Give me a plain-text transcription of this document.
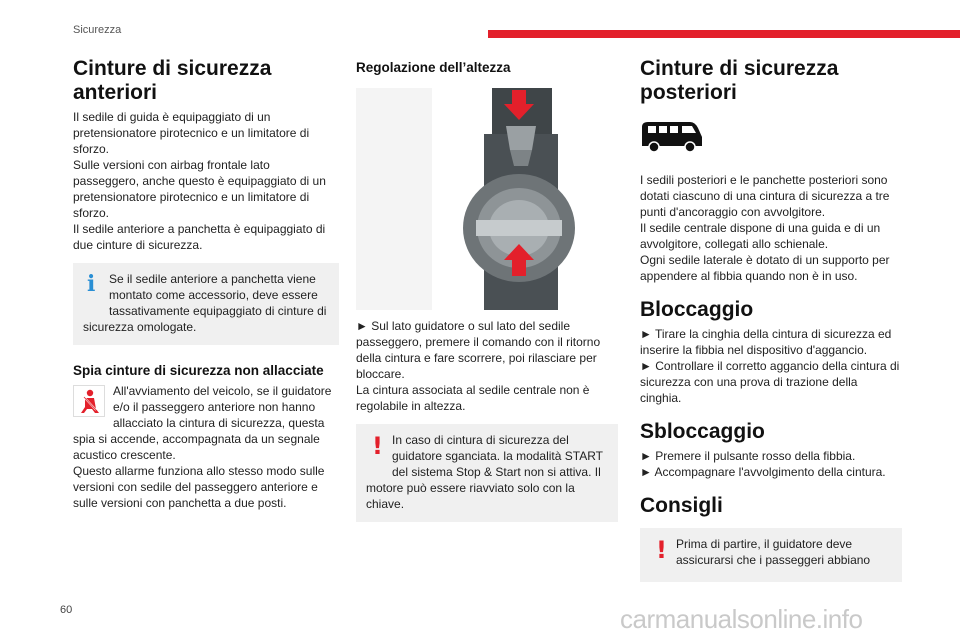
Sicurezza
Cinture di sicurezza anteriori

Il sedile di guida è equipaggiato di un pretensionatore pirotecnico e un limitatore di sforzo.

Sulle versioni con airbag frontale lato passeggero, anche questo è equipaggiato di un pretensionatore pirotecnico e un limitatore di sforzo.

Il sedile anteriore a panchetta è equipaggiato di due cinture di sicurezza.

i	Se il sedile anteriore a panchetta viene montato come accessorio, deve essere tassativamente equipaggiato di cinture di sicurezza omologate.
Spia cinture di sicurezza non allacciate

All'avviamento del veicolo, se il guidatore e/o il passeggero anteriore non hanno allacciato la cintura di sicurezza, questa spia si accende, accompagnata da un segnale acustico crescente.

Questo allarme funziona allo stesso modo sulle versioni con sedile del passeggero anteriore e sulle versioni con panchetta a due posti.

Regolazione dell’altezza

► Sul lato guidatore o sul lato del sedile passeggero, premere il comando con il ritorno della cintura e fare scorrere, poi rilasciare per bloccare.

La cintura associata al sedile centrale non è regolabile in altezza.

! In caso di cintura di sicurezza del guidatore sganciata. la modalità START del sistema Stop & Start non si attiva. Il motore può essere riavviato solo con la chiave.
Cinture di sicurezza posteriori

I sedili posteriori e le panchette posteriori sono dotati ciascuno di una cintura di sicurezza a tre punti d'ancoraggio con avvolgitore.

Il sedile centrale dispone di una guida e di un avvolgitore, collegati allo schienale.

Ogni sedile laterale è dotato di un supporto per appendere al fibbia quando non è in uso.

Bloccaggio

► Tirare la cinghia della cintura di sicurezza ed inserire la fibbia nel dispositivo d'aggancio.

► Controllare il corretto aggancio della cintura di sicurezza con una prova di trazione della cinghia.

Sbloccaggio

► Premere il pulsante rosso della fibbia.

► Accompagnare l'avvolgimento della cintura.

Consigli
! Prima di partire, il guidatore deve assicurarsi che i passeggeri abbiano
60	carmanualsonline.info
